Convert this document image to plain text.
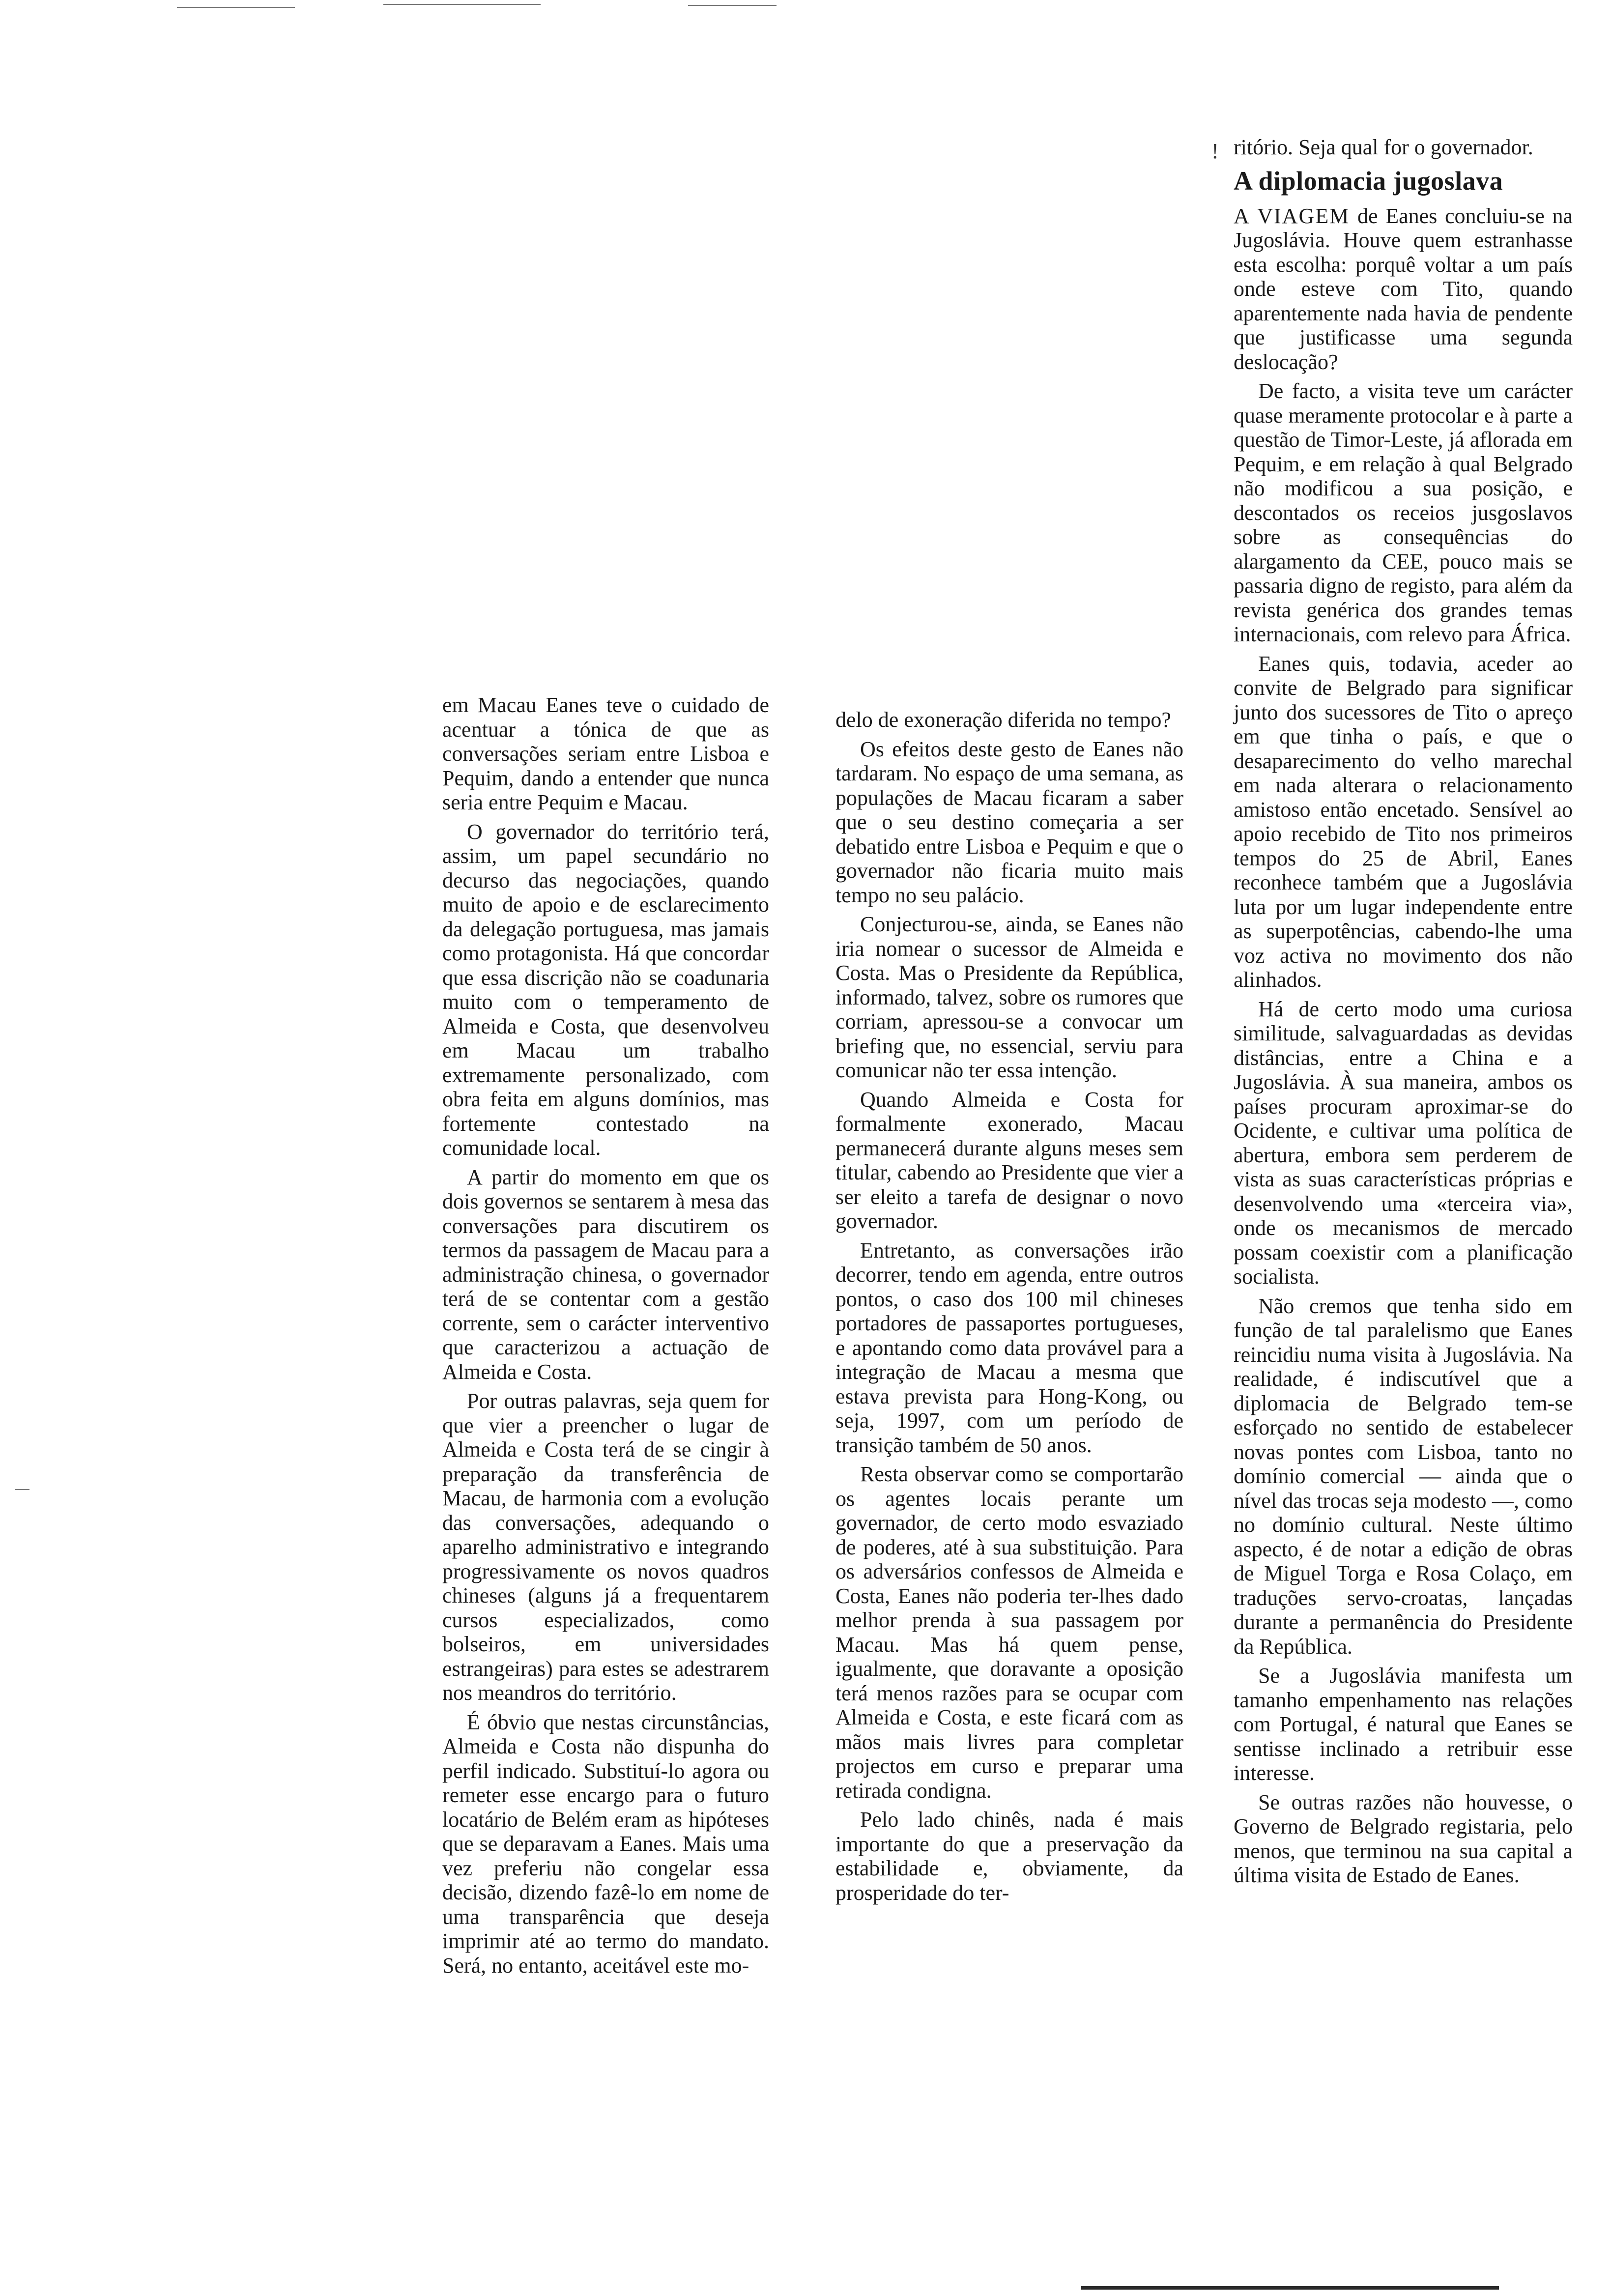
!

em Macau Eanes teve o cuidado de acentuar a tónica de que as conversações seriam entre Lisboa e Pequim, dando a entender que nunca seria entre Pequim e Macau.

O governador do território terá, assim, um papel secundário no decurso das negociações, quando muito de apoio e de esclarecimento da delegação portuguesa, mas jamais como protagonista. Há que concordar que essa discrição não se coadunaria muito com o temperamento de Almeida e Costa, que desenvolveu em Macau um trabalho extremamente personalizado, com obra feita em alguns domínios, mas fortemente contestado na comunidade local.

A partir do momento em que os dois governos se sentarem à mesa das conversações para discutirem os termos da passagem de Macau para a administração chinesa, o governador terá de se contentar com a gestão corrente, sem o carácter interventivo que caracterizou a actuação de Almeida e Costa.

Por outras palavras, seja quem for que vier a preencher o lugar de Almeida e Costa terá de se cingir à preparação da transferência de Macau, de harmonia com a evolução das conversações, adequando o aparelho administrativo e integrando progressivamente os novos quadros chineses (alguns já a frequentarem cursos especializados, como bolseiros, em universidades estrangeiras) para estes se adestrarem nos meandros do território.

É óbvio que nestas circunstâncias, Almeida e Costa não dispunha do perfil indicado. Substituí-lo agora ou remeter esse encargo para o futuro locatário de Belém eram as hipóteses que se deparavam a Eanes. Mais uma vez preferiu não congelar essa decisão, dizendo fazê-lo em nome de uma transparência que deseja imprimir até ao termo do mandato. Será, no entanto, aceitável este mo-

delo de exoneração diferida no tempo?

Os efeitos deste gesto de Eanes não tardaram. No espaço de uma semana, as populações de Macau ficaram a saber que o seu destino começaria a ser debatido entre Lisboa e Pequim e que o governador não ficaria muito mais tempo no seu palácio.

Conjecturou-se, ainda, se Eanes não iria nomear o sucessor de Almeida e Costa. Mas o Presidente da República, informado, talvez, sobre os rumores que corriam, apressou-se a convocar um briefing que, no essencial, serviu para comunicar não ter essa intenção.

Quando Almeida e Costa for formalmente exonerado, Macau permanecerá durante alguns meses sem titular, cabendo ao Presidente que vier a ser eleito a tarefa de designar o novo governador.

Entretanto, as conversações irão decorrer, tendo em agenda, entre outros pontos, o caso dos 100 mil chineses portadores de passaportes portugueses, e apontando como data provável para a integração de Macau a mesma que estava prevista para Hong-Kong, ou seja, 1997, com um período de transição também de 50 anos.

Resta observar como se comportarão os agentes locais perante um governador, de certo modo esvaziado de poderes, até à sua substituição. Para os adversários confessos de Almeida e Costa, Eanes não poderia ter-lhes dado melhor prenda à sua passagem por Macau. Mas há quem pense, igualmente, que doravante a oposição terá menos razões para se ocupar com Almeida e Costa, e este ficará com as mãos mais livres para completar projectos em curso e preparar uma retirada condigna.

Pelo lado chinês, nada é mais importante do que a preservação da estabilidade e, obviamente, da prosperidade do ter-

ritório. Seja qual for o governador.

A diplomacia jugoslava

A VIAGEM de Eanes concluiu-se na Jugoslávia. Houve quem estranhasse esta escolha: porquê voltar a um país onde esteve com Tito, quando aparentemente nada havia de pendente que justificasse uma segunda deslocação?

De facto, a visita teve um carácter quase meramente protocolar e à parte a questão de Timor-Leste, já aflorada em Pequim, e em relação à qual Belgrado não modificou a sua posição, e descontados os receios jusgoslavos sobre as consequências do alargamento da CEE, pouco mais se passaria digno de registo, para além da revista genérica dos grandes temas internacionais, com relevo para África.

Eanes quis, todavia, aceder ao convite de Belgrado para significar junto dos sucessores de Tito o apreço em que tinha o país, e que o desaparecimento do velho marechal em nada alterara o relacionamento amistoso então encetado. Sensível ao apoio recebido de Tito nos primeiros tempos do 25 de Abril, Eanes reconhece também que a Jugoslávia luta por um lugar independente entre as superpotências, cabendo-lhe uma voz activa no movimento dos não alinhados.

Há de certo modo uma curiosa similitude, salvaguardadas as devidas distâncias, entre a China e a Jugoslávia. À sua maneira, ambos os países procuram aproximar-se do Ocidente, e cultivar uma política de abertura, embora sem perderem de vista as suas características próprias e desenvolvendo uma «terceira via», onde os mecanismos de mercado possam coexistir com a planificação socialista.

Não cremos que tenha sido em função de tal paralelismo que Eanes reincidiu numa visita à Jugoslávia. Na realidade, é indiscutível que a diplomacia de Belgrado tem-se esforçado no sentido de estabelecer novas pontes com Lisboa, tanto no domínio comercial — ainda que o nível das trocas seja modesto —, como no domínio cultural. Neste último aspecto, é de notar a edição de obras de Miguel Torga e Rosa Colaço, em traduções servo-croatas, lançadas durante a permanência do Presidente da República.

Se a Jugoslávia manifesta um tamanho empenhamento nas relações com Portugal, é natural que Eanes se sentisse inclinado a retribuir esse interesse.

Se outras razões não houvesse, o Governo de Belgrado registaria, pelo menos, que terminou na sua capital a última visita de Estado de Eanes.
